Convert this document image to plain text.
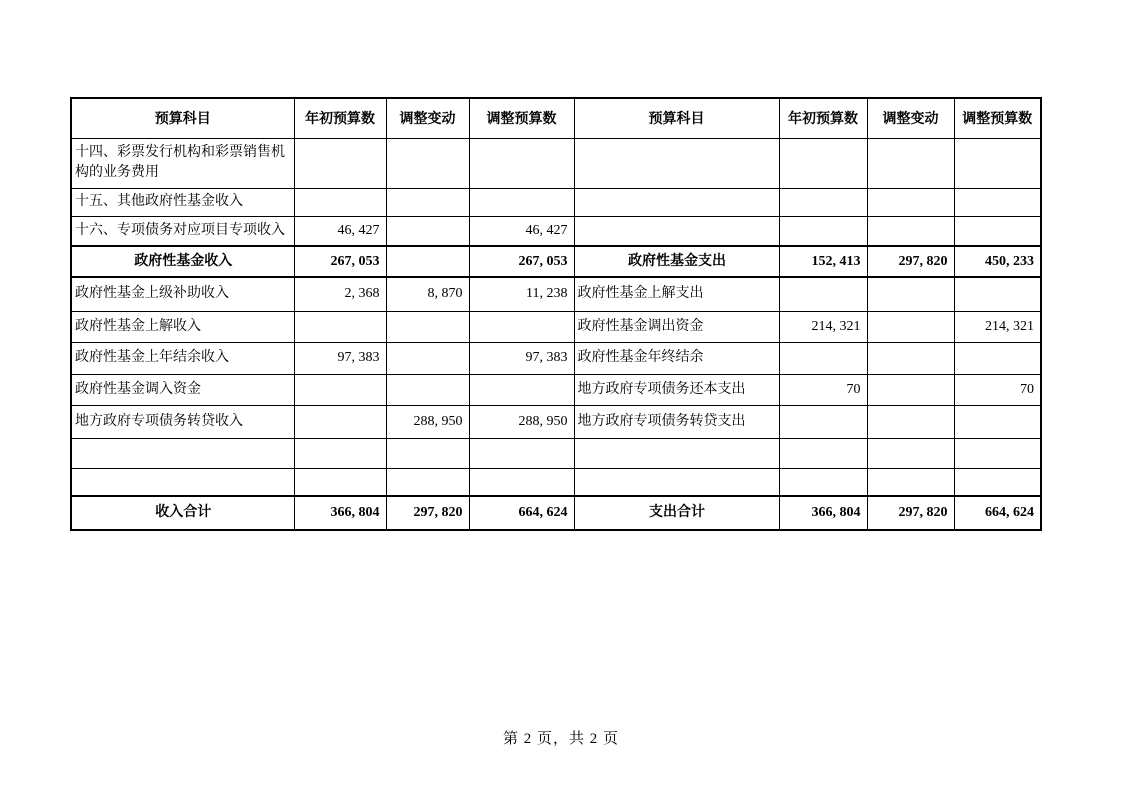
预算科目	年初预算数	调整变动	调整预算数	预算科目	年初预算数	调整变动	调整预算数
十四、彩票发行机构和彩票销售机构的业务费用							
十五、其他政府性基金收入							
十六、专项债务对应项目专项收入	46, 427		46, 427				
政府性基金收入	267, 053		267, 053	政府性基金支出	152, 413	297, 820	450, 233
政府性基金上级补助收入	2, 368	8, 870	11, 238	政府性基金上解支出			
政府性基金上解收入				政府性基金调出资金	214, 321		214, 321
政府性基金上年结余收入	97, 383		97, 383	政府性基金年终结余			
政府性基金调入资金				地方政府专项债务还本支出	70		70
地方政府专项债务转贷收入		288, 950	288, 950	地方政府专项债务转贷支出			

收入合计	366, 804	297, 820	664, 624	支出合计	366, 804	297, 820	664, 624
第 2 页，共 2 页
